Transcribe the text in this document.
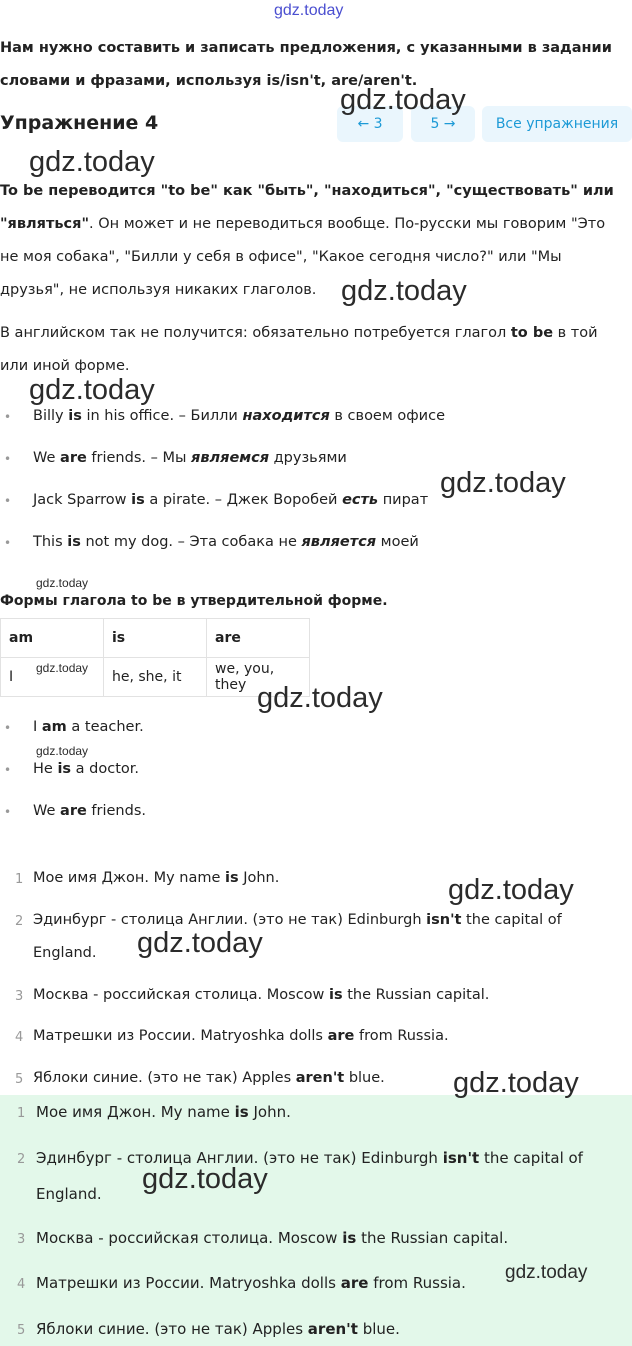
gdz.today
Нам нужно составить и записать предложения, с указанными в задании словами и фразами, используя is/isn't, are/aren't.
Упражнение 4	← 3	5 →	Все упражнения
To be переводится "to be" как "быть", "находиться", "существовать" или "являться". Он может и не переводиться вообще. По-русски мы говорим "Это не моя собака", "Билли у себя в офисе", "Какое сегодня число?" или "Мы друзья", не используя никаких глаголов.
В английском так не получится: обязательно потребуется глагол to be в той или иной форме.
• Billy is in his office. – Билли находится в своем офисе
• We are friends. – Мы являемся друзьями
• Jack Sparrow is a pirate. – Джек Воробей есть пират
• This is not my dog. – Эта собака не является моей
Формы глагола to be в утвердительной форме.
am	is	are
I	he, she, it	we, you, they
• I am a teacher.
• He is a doctor.
• We are friends.
1 Мое имя Джон. My name is John.
2 Эдинбург - столица Англии. (это не так) Edinburgh isn't the capital of
England.
3 Москва - российская столица. Moscow is the Russian capital.
4 Матрешки из России. Matryoshka dolls are from Russia.
5 Яблоки синие. (это не так) Apples aren't blue.
1 Мое имя Джон. My name is John.
2 Эдинбург - столица Англии. (это не так) Edinburgh isn't the capital of
England.
3 Москва - российская столица. Moscow is the Russian capital.
4 Матрешки из России. Matryoshka dolls are from Russia.
5 Яблоки синие. (это не так) Apples aren't blue.
gdz.today
gdz.today
gdz.today
gdz.today
gdz.today
gdz.today
gdz.today
gdz.today
gdz.today
gdz.today
gdz.today
gdz.today
gdz.today
gdz.today
